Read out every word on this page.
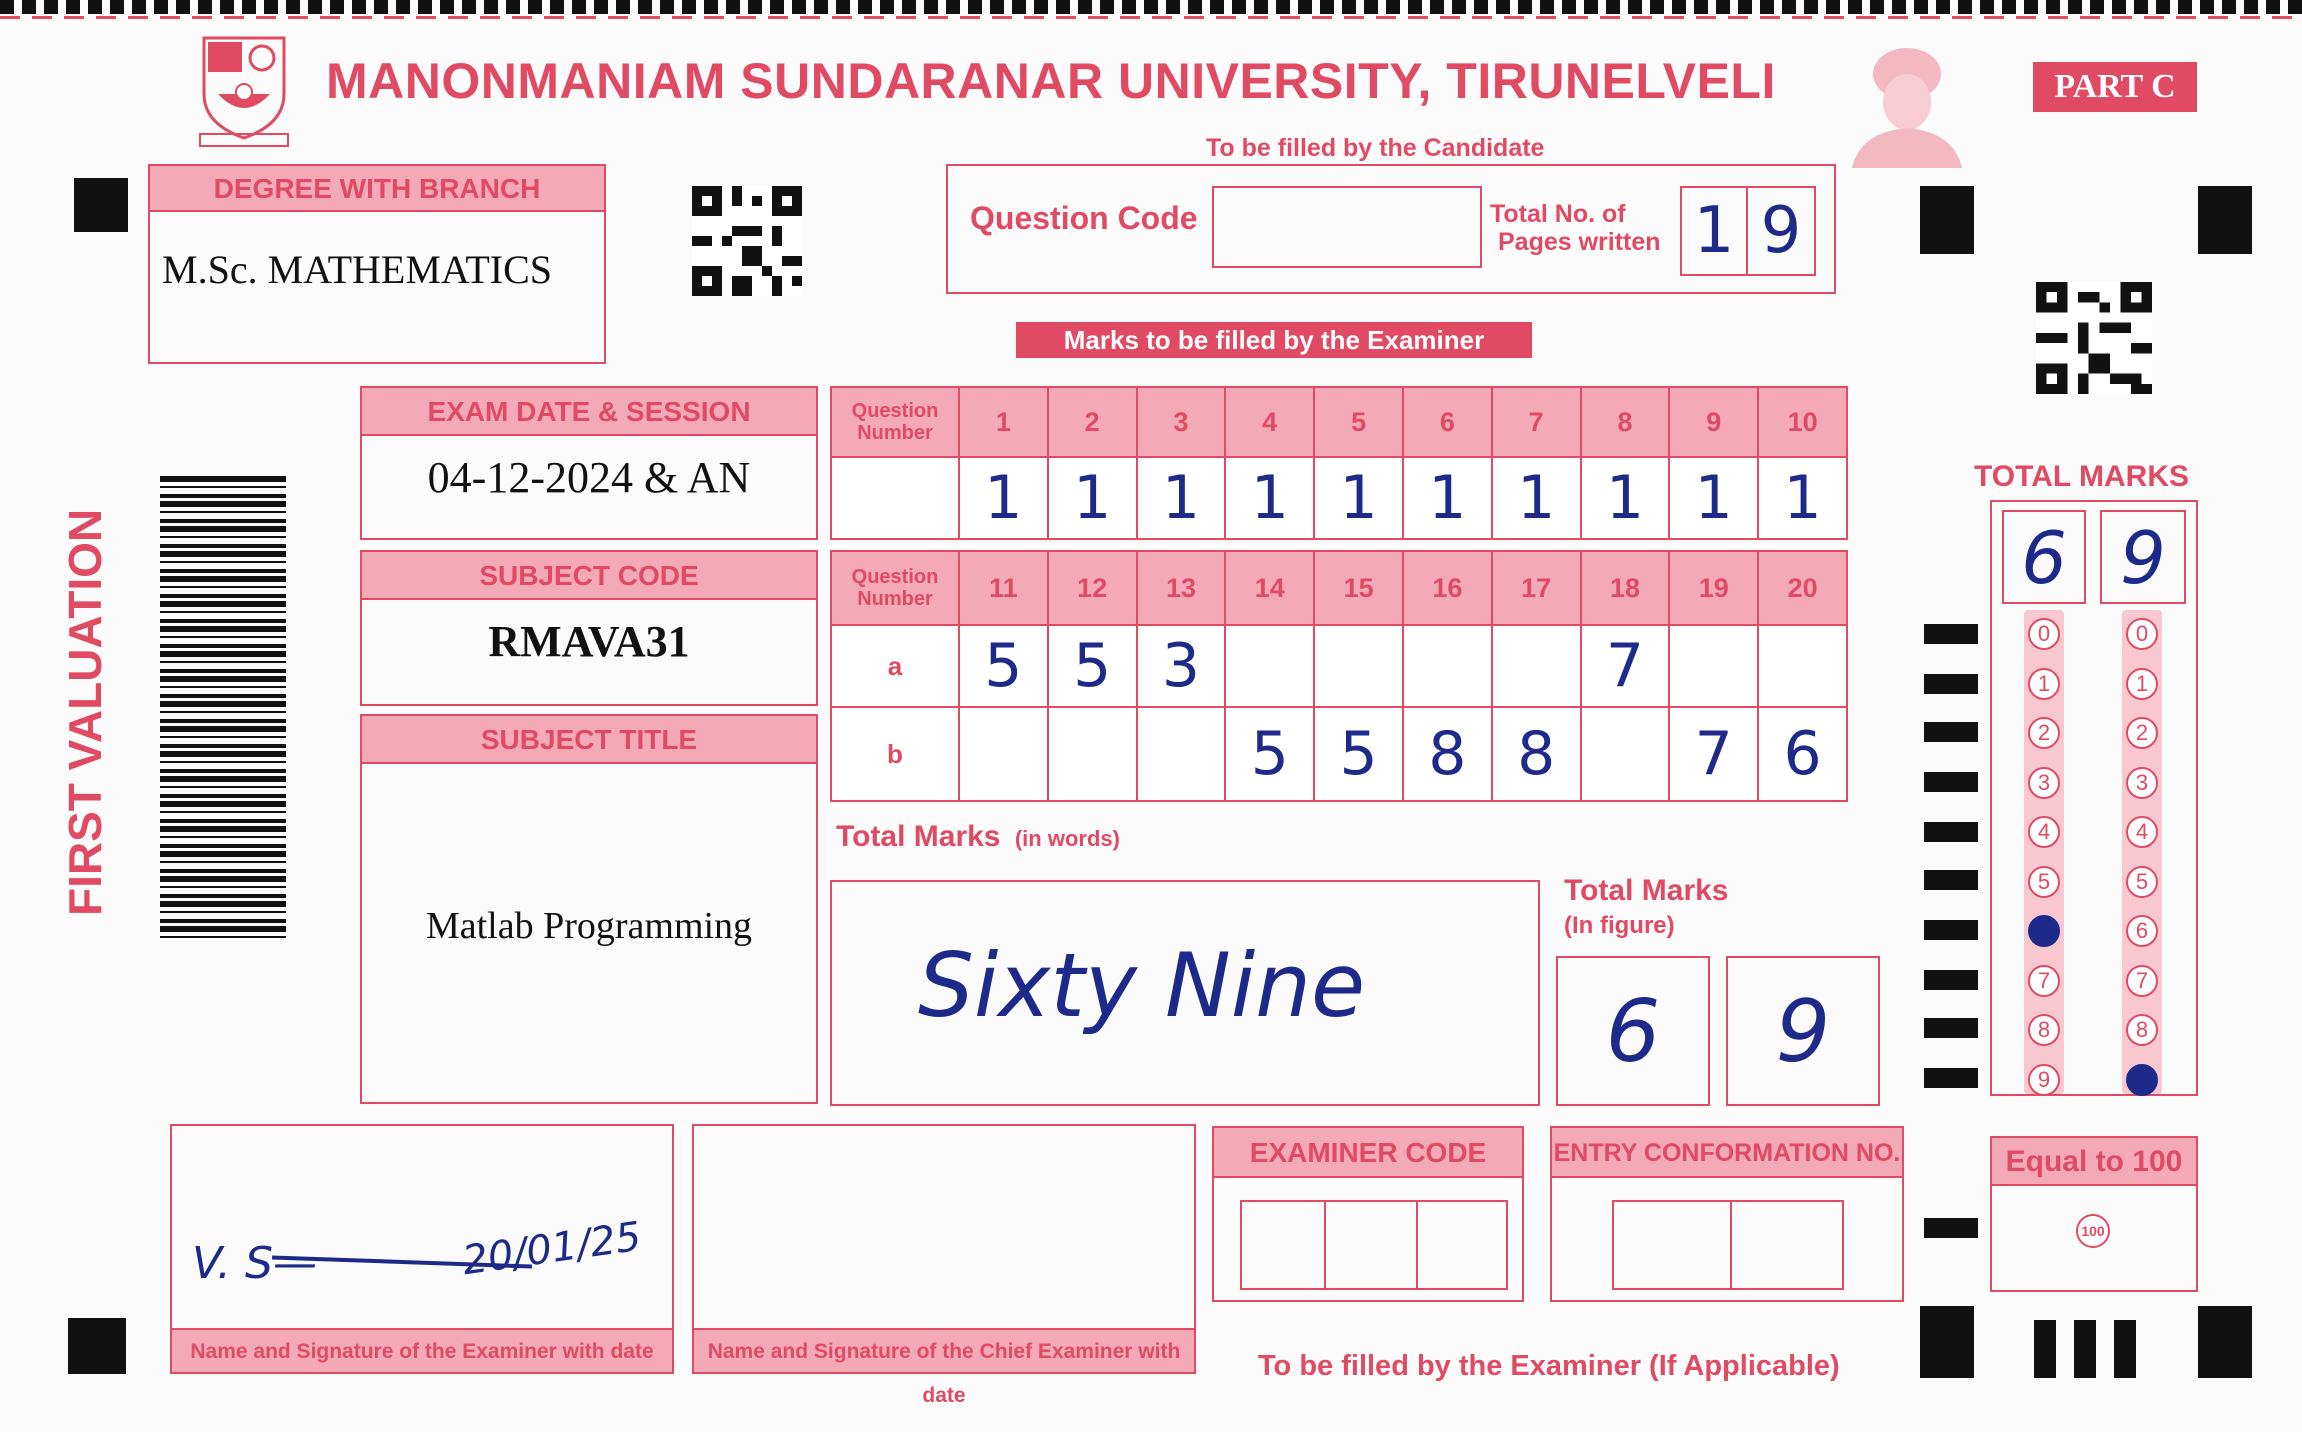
MANONMANIAM SUNDARANAR UNIVERSITY, TIRUNELVELI	PART C
To be filled by the Candidate
FIRST VALUATION
DEGREE WITH BRANCH
M.Sc. MATHEMATICS
Question Code	Total No. of
Pages written 1 9
Marks to be filled by the Examiner
EXAM DATE & SESSION
04-12-2024 & AN
SUBJECT CODE
RMAVA31
SUBJECT TITLE
Matlab Programming
Question
Number	1	2	3	4	5	6	7	8	9	10
	1	1	1	1	1	1	1	1	1	1
Question
Number	11	12	13	14	15	16	17	18	19	20
a	5	5	3					7		
b				5	5	8	8		7	6
Total Marks (in words)
Sixty Nine
Total Marks
(In figure)
6	9
TOTAL MARKS
6 9
0
1
2
3
4
5
6
7
8
9
0
1
2
3
4
5
6
7
8
9
Equal to 100
100
V. S—	20/01/25
Name and Signature of the Examiner with date	Name and Signature of the Chief Examiner with date
EXAMINER CODE	ENTRY CONFORMATION NO.
To be filled by the Examiner (If Applicable)
